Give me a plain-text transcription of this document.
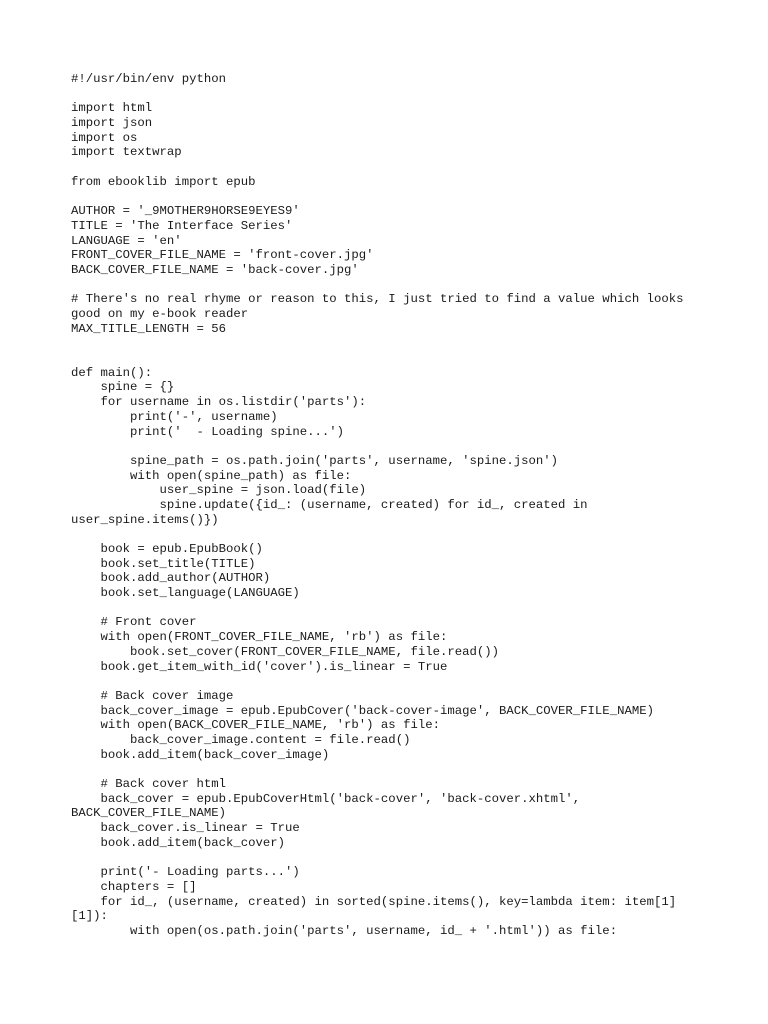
#!/usr/bin/env python
import html
import json
import os
import textwrap
from ebooklib import epub
AUTHOR = '_9MOTHER9HORSE9EYES9'
TITLE = 'The Interface Series'
LANGUAGE = 'en'
FRONT_COVER_FILE_NAME = 'front-cover.jpg'
BACK_COVER_FILE_NAME = 'back-cover.jpg'
# There's no real rhyme or reason to this, I just tried to find a value which looks
good on my e-book reader
MAX_TITLE_LENGTH = 56
def main():
spine = {}
for username in os.listdir('parts'):
print('-', username)
print('  - Loading spine...')
spine_path = os.path.join('parts', username, 'spine.json')
with open(spine_path) as file:
user_spine = json.load(file)
spine.update({id_: (username, created) for id_, created in
user_spine.items()})
book = epub.EpubBook()
book.set_title(TITLE)
book.add_author(AUTHOR)
book.set_language(LANGUAGE)
# Front cover
with open(FRONT_COVER_FILE_NAME, 'rb') as file:
book.set_cover(FRONT_COVER_FILE_NAME, file.read())
book.get_item_with_id('cover').is_linear = True
# Back cover image
back_cover_image = epub.EpubCover('back-cover-image', BACK_COVER_FILE_NAME)
with open(BACK_COVER_FILE_NAME, 'rb') as file:
back_cover_image.content = file.read()
book.add_item(back_cover_image)
# Back cover html
back_cover = epub.EpubCoverHtml('back-cover', 'back-cover.xhtml',
BACK_COVER_FILE_NAME)
back_cover.is_linear = True
book.add_item(back_cover)
print('- Loading parts...')
chapters = []
for id_, (username, created) in sorted(spine.items(), key=lambda item: item[1]
[1]):
with open(os.path.join('parts', username, id_ + '.html')) as file:
